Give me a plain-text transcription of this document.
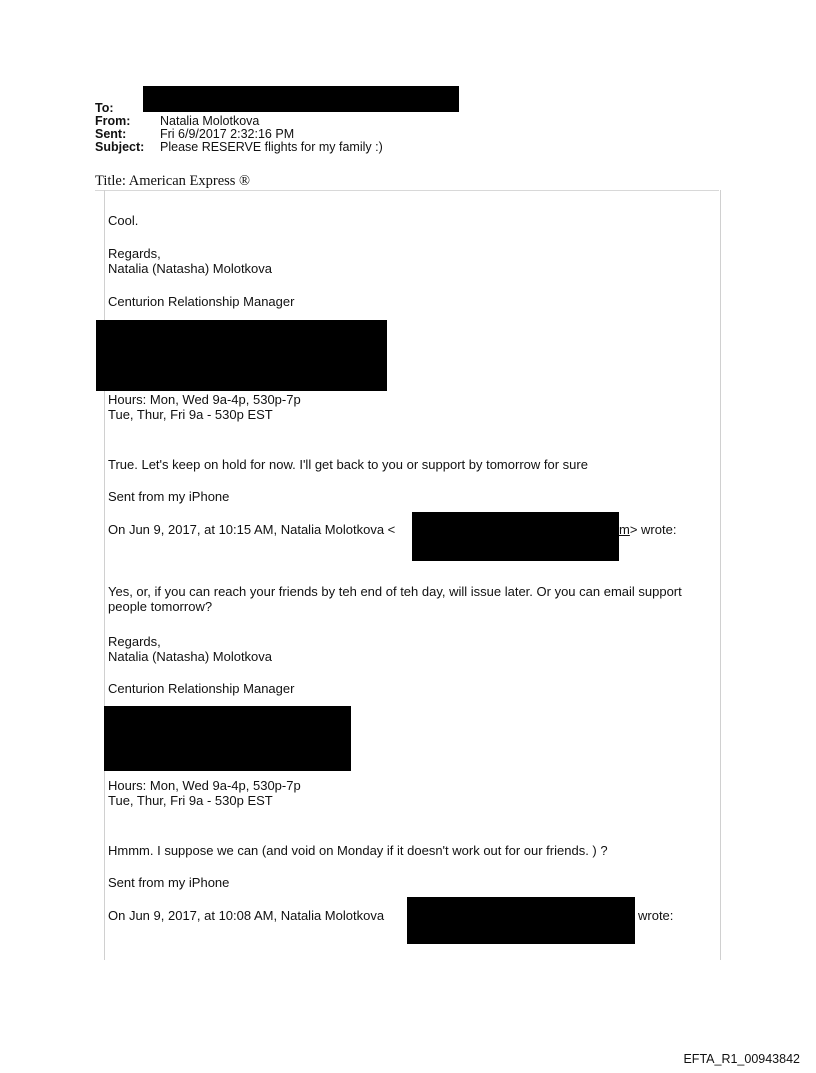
To:
From: Natalia Molotkova
Sent:	Fri 6/9/2017 2:32:16 PM
Subject: Please RESERVE flights for my family :)
Title: American Express ®
Cool.
Regards,
Natalia (Natasha) Molotkova
Centurion Relationship Manager
Hours: Mon, Wed 9a-4p, 530p-7p
Tue, Thur, Fri 9a - 530p EST
True. Let's keep on hold for now. I'll get back to you or support by tomorrow for sure
Sent from my iPhone
On Jun 9, 2017, at 10:15 AM, Natalia Molotkova <	m> wrote:
Yes, or, if you can reach your friends by teh end of teh day, will issue later. Or you can email support people tomorrow?
Regards,
Natalia (Natasha) Molotkova
Centurion Relationship Manager
Hours: Mon, Wed 9a-4p, 530p-7p
Tue, Thur, Fri 9a - 530p EST
Hmmm. I suppose we can (and void on Monday if it doesn't work out for our friends. ) ?
Sent from my iPhone
On Jun 9, 2017, at 10:08 AM, Natalia Molotkova	wrote:
EFTA_R1_00943842
